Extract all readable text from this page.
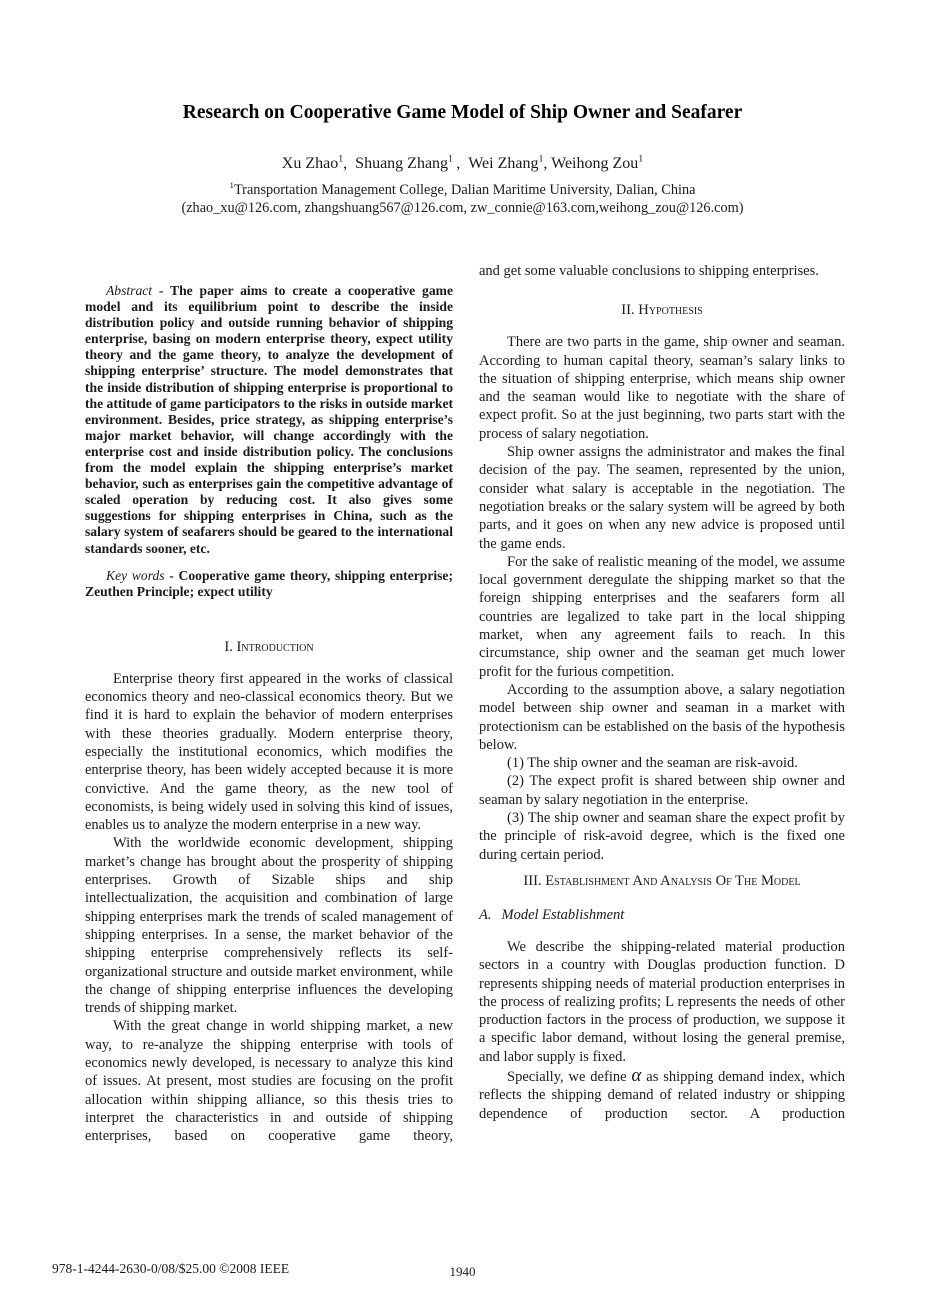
Research on Cooperative Game Model of Ship Owner and Seafarer
Xu Zhao$^1$, Shuang Zhang$^1$ , Wei Zhang$^1$, Weihong Zou$^1$
$^1$Transportation Management College, Dalian Maritime University, Dalian, China
(zhao_xu@126.com, zhangshuang567@126.com, zw_connie@163.com,weihong_zou@126.com)

Abstract - The paper aims to create a cooperative game model and its equilibrium point to describe the inside distribution policy and outside running behavior of shipping enterprise, basing on modern enterprise theory, expect utility theory and the game theory, to analyze the development of shipping enterprise’ structure. The model demonstrates that the inside distribution of shipping enterprise is proportional to the attitude of game participators to the risks in outside market environment. Besides, price strategy, as shipping enterprise’s major market behavior, will change accordingly with the enterprise cost and inside distribution policy. The conclusions from the model explain the shipping enterprise’s market behavior, such as enterprises gain the competitive advantage of scaled operation by reducing cost. It also gives some suggestions for shipping enterprises in China, such as the salary system of seafarers should be geared to the international standards sooner, etc.

Key words - Cooperative game theory, shipping enterprise; Zeuthen Principle; expect utility

I. Introduction

Enterprise theory first appeared in the works of classical economics theory and neo-classical economics theory. But we find it is hard to explain the behavior of modern enterprises with these theories gradually. Modern enterprise theory, especially the institutional economics, which modifies the enterprise theory, has been widely accepted because it is more convictive. And the game theory, as the new tool of economists, is being widely used in solving this kind of issues, enables us to analyze the modern enterprise in a new way.

With the worldwide economic development, shipping market’s change has brought about the prosperity of shipping enterprises. Growth of Sizable ships and ship intellectualization, the acquisition and combination of large shipping enterprises mark the trends of scaled management of shipping enterprises. In a sense, the market behavior of the shipping enterprise comprehensively reflects its self-organizational structure and outside market environment, while the change of shipping enterprise influences the developing trends of shipping market.

With the great change in world shipping market, a new way, to re-analyze the shipping enterprise with tools of economics newly developed, is necessary to analyze this kind of issues. At present, most studies are focusing on the profit allocation within shipping alliance, so this thesis tries to interpret the characteristics in and outside of shipping enterprises, based on cooperative game theory,

and get some valuable conclusions to shipping enterprises.

II. Hypothesis

There are two parts in the game, ship owner and seaman. According to human capital theory, seaman’s salary links to the situation of shipping enterprise, which means ship owner and the seaman would like to negotiate with the share of expect profit. So at the just beginning, two parts start with the process of salary negotiation.

Ship owner assigns the administrator and makes the final decision of the pay. The seamen, represented by the union, consider what salary is acceptable in the negotiation. The negotiation breaks or the salary system will be agreed by both parts, and it goes on when any new advice is proposed until the game ends.

For the sake of realistic meaning of the model, we assume local government deregulate the shipping market so that the foreign shipping enterprises and the seafarers form all countries are legalized to take part in the local shipping market, when any agreement fails to reach. In this circumstance, ship owner and the seaman get much lower profit for the furious competition.

According to the assumption above, a salary negotiation model between ship owner and seaman in a market with protectionism can be established on the basis of the hypothesis below.

(1) The ship owner and the seaman are risk-avoid.

(2) The expect profit is shared between ship owner and seaman by salary negotiation in the enterprise.

(3) The ship owner and seaman share the expect profit by the principle of risk-avoid degree, which is the fixed one during certain period.

III. Establishment And Analysis Of The Model
A. Model Establishment

We describe the shipping-related material production sectors in a country with Douglas production function. D represents shipping needs of material production enterprises in the process of realizing profits; L represents the needs of other production factors in the process of production, we suppose it a specific labor demand, without losing the general premise, and labor supply is fixed.

Specially, we define α as shipping demand index, which reflects the shipping demand of related industry or shipping dependence of production sector. A production

978-1-4244-2630-0/08/$25.00 ©2008 IEEE	1940
